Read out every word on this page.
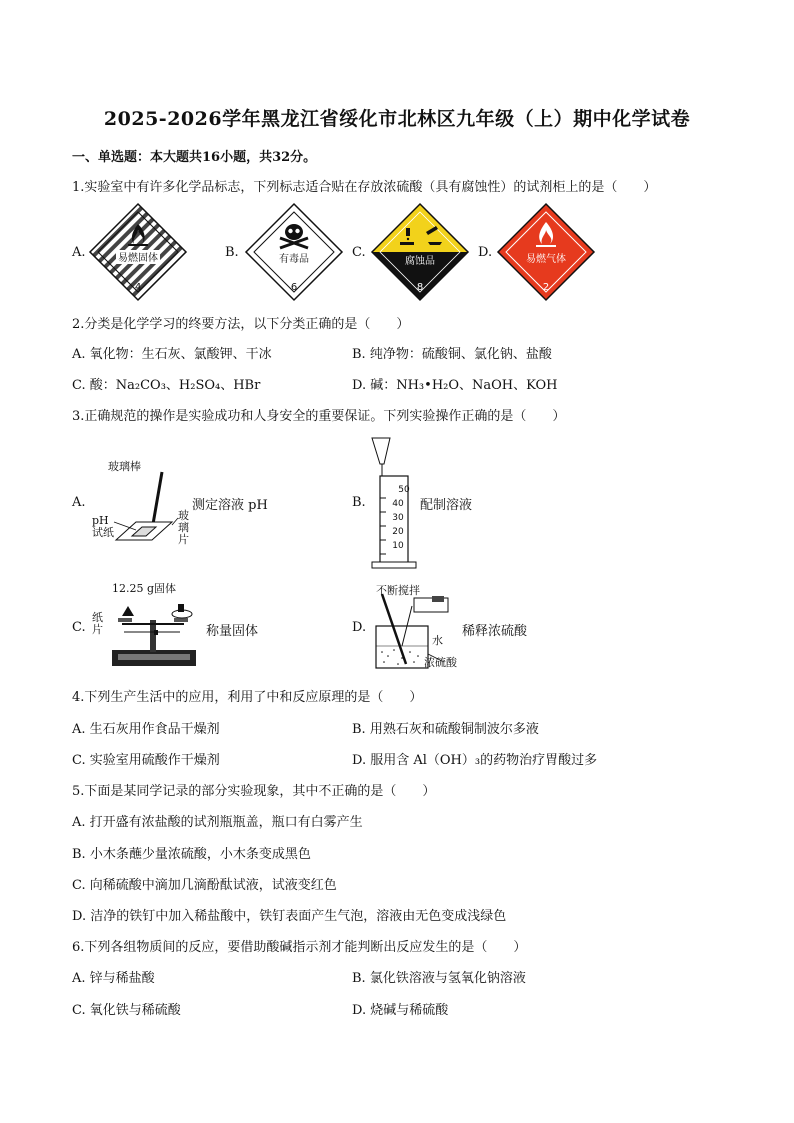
2025-2026学年黑龙江省绥化市北林区九年级（上）期中化学试卷
一、单选题：本大题共16小题，共32分。
1.实验室中有许多化学品标志，下列标志适合贴在存放浓硫酸（具有腐蚀性）的试剂柜上的是（　　）
A.	易燃固体
4
B.	有毒品
6
C.
腐蚀品
8
D.	易燃气体
2
2.分类是化学学习的终要方法，以下分类正确的是（　　）
A. 氧化物：生石灰、氯酸钾、干冰	B. 纯净物：硫酸铜、氯化钠、盐酸
C. 酸：Na₂CO₃、H₂SO₄、HBr	D. 碱：NH₃•H₂O、NaOH、KOH
3.正确规范的操作是实验成功和人身安全的重要保证。下列实验操作正确的是（　　）
A.
玻璃棒
pH试纸
玻璃片
测定溶液 pH	B.
50
40
30
20
10
配制溶液
C.
12.25 g固体
纸片	称量固体	D.
不断搅拌
水
浓硫酸
稀释浓硫酸
4.下列生产生活中的应用，利用了中和反应原理的是（　　）
A. 生石灰用作食品干燥剂	B. 用熟石灰和硫酸铜制波尔多液
C. 实验室用硫酸作干燥剂	D. 服用含 Al（OH）₃的药物治疗胃酸过多
5.下面是某同学记录的部分实验现象，其中不正确的是（　　）
A. 打开盛有浓盐酸的试剂瓶瓶盖，瓶口有白雾产生
B. 小木条蘸少量浓硫酸，小木条变成黑色
C. 向稀硫酸中滴加几滴酚酞试液，试液变红色
D. 洁净的铁钉中加入稀盐酸中，铁钉表面产生气泡，溶液由无色变成浅绿色
6.下列各组物质间的反应，要借助酸碱指示剂才能判断出反应发生的是（　　）
A. 锌与稀盐酸	B. 氯化铁溶液与氢氧化钠溶液
C. 氧化铁与稀硫酸	D. 烧碱与稀硫酸
